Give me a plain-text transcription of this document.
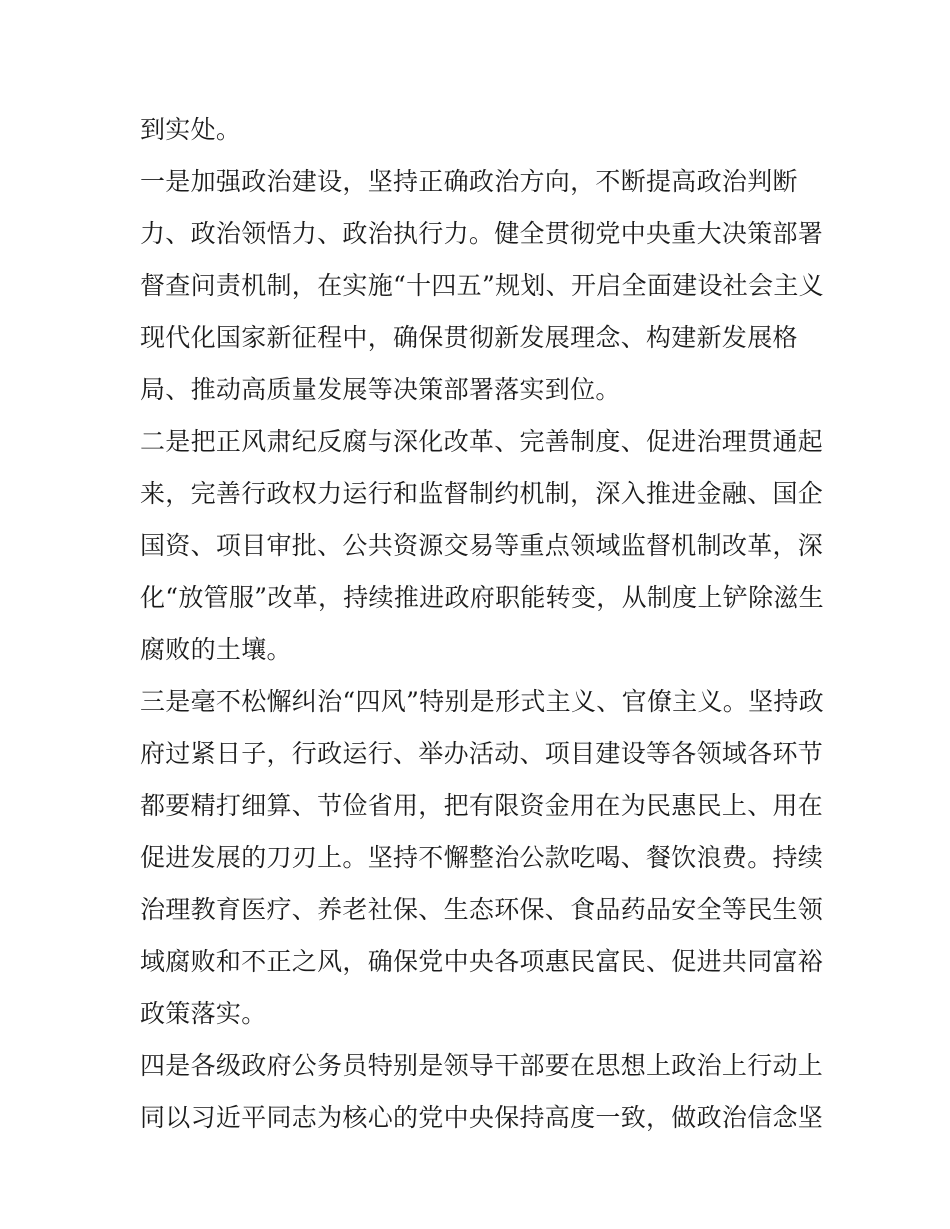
到实处。
一是加强政治建设，坚持正确政治方向，不断提高政治判断
力、政治领悟力、政治执行力。健全贯彻党中央重大决策部署
督查问责机制，在实施“十四五”规划、开启全面建设社会主义
现代化国家新征程中，确保贯彻新发展理念、构建新发展格
局、推动高质量发展等决策部署落实到位。
二是把正风肃纪反腐与深化改革、完善制度、促进治理贯通起
来，完善行政权力运行和监督制约机制，深入推进金融、国企
国资、项目审批、公共资源交易等重点领域监督机制改革，深
化“放管服”改革，持续推进政府职能转变，从制度上铲除滋生
腐败的土壤。
三是毫不松懈纠治“四风”特别是形式主义、官僚主义。坚持政
府过紧日子，行政运行、举办活动、项目建设等各领域各环节
都要精打细算、节俭省用，把有限资金用在为民惠民上、用在
促进发展的刀刃上。坚持不懈整治公款吃喝、餐饮浪费。持续
治理教育医疗、养老社保、生态环保、食品药品安全等民生领
域腐败和不正之风，确保党中央各项惠民富民、促进共同富裕
政策落实。
四是各级政府公务员特别是领导干部要在思想上政治上行动上
同以习近平同志为核心的党中央保持高度一致，做政治信念坚
